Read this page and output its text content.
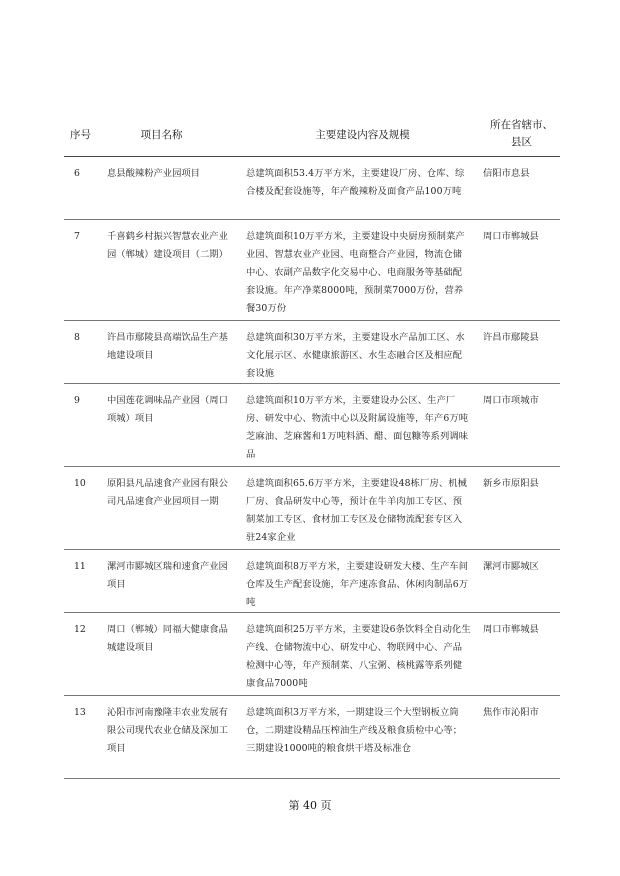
序号	项目名称	主要建设内容及规模	所在省辖市、
县区
6	息县酸辣粉产业园项目	总建筑面积53.4万平方米，主要建设厂房、仓库、综合楼及配套设施等，年产酸辣粉及面食产品100万吨	信阳市息县
7	千喜鹤乡村振兴智慧农业产业园（郸城）建设项目（二期）	总建筑面积10万平方米，主要建设中央厨房预制菜产业园、智慧农业产业园、电商整合产业园，物流仓储中心、农副产品数字化交易中心、电商服务等基础配套设施。年产净菜8000吨，预制菜7000万份，营养餐30万份	周口市郸城县
8	许昌市鄢陵县高端饮品生产基地建设项目	总建筑面积30万平方米，主要建设水产品加工区、水文化展示区、水健康旅游区、水生态融合区及相应配套设施	许昌市鄢陵县
9	中国莲花调味品产业园（周口项城）项目	总建筑面积10万平方米，主要建设办公区、生产厂房、研发中心、物流中心以及附属设施等，年产6万吨芝麻油、芝麻酱和1万吨料酒、醋、面包糠等系列调味品	周口市项城市
10	原阳县凡品速食产业园有限公司凡品速食产业园项目一期	总建筑面积65.6万平方米，主要建设48栋厂房、机械厂房、食品研发中心等，预计在牛羊肉加工专区、预制菜加工专区、食材加工专区及仓储物流配套专区入驻24家企业	新乡市原阳县
11	漯河市郾城区瑞和速食产业园项目	总建筑面积8万平方米，主要建设研发大楼、生产车间仓库及生产配套设施，年产速冻食品、休闲肉制品6万吨	漯河市郾城区
12	周口（郸城）同福大健康食品城建设项目	总建筑面积25万平方米，主要建设6条饮料全自动化生产线、仓储物流中心、研发中心、物联网中心、产品检测中心等，年产预制菜、八宝粥、核桃露等系列健康食品7000吨	周口市郸城县
13	沁阳市河南豫隆丰农业发展有限公司现代农业仓储及深加工项目	总建筑面积3万平方米，一期建设三个大型钢板立筒仓，二期建设精品压榨油生产线及粮食质检中心等；三期建设1000吨的粮食烘干塔及标准仓	焦作市沁阳市
第 40 页
